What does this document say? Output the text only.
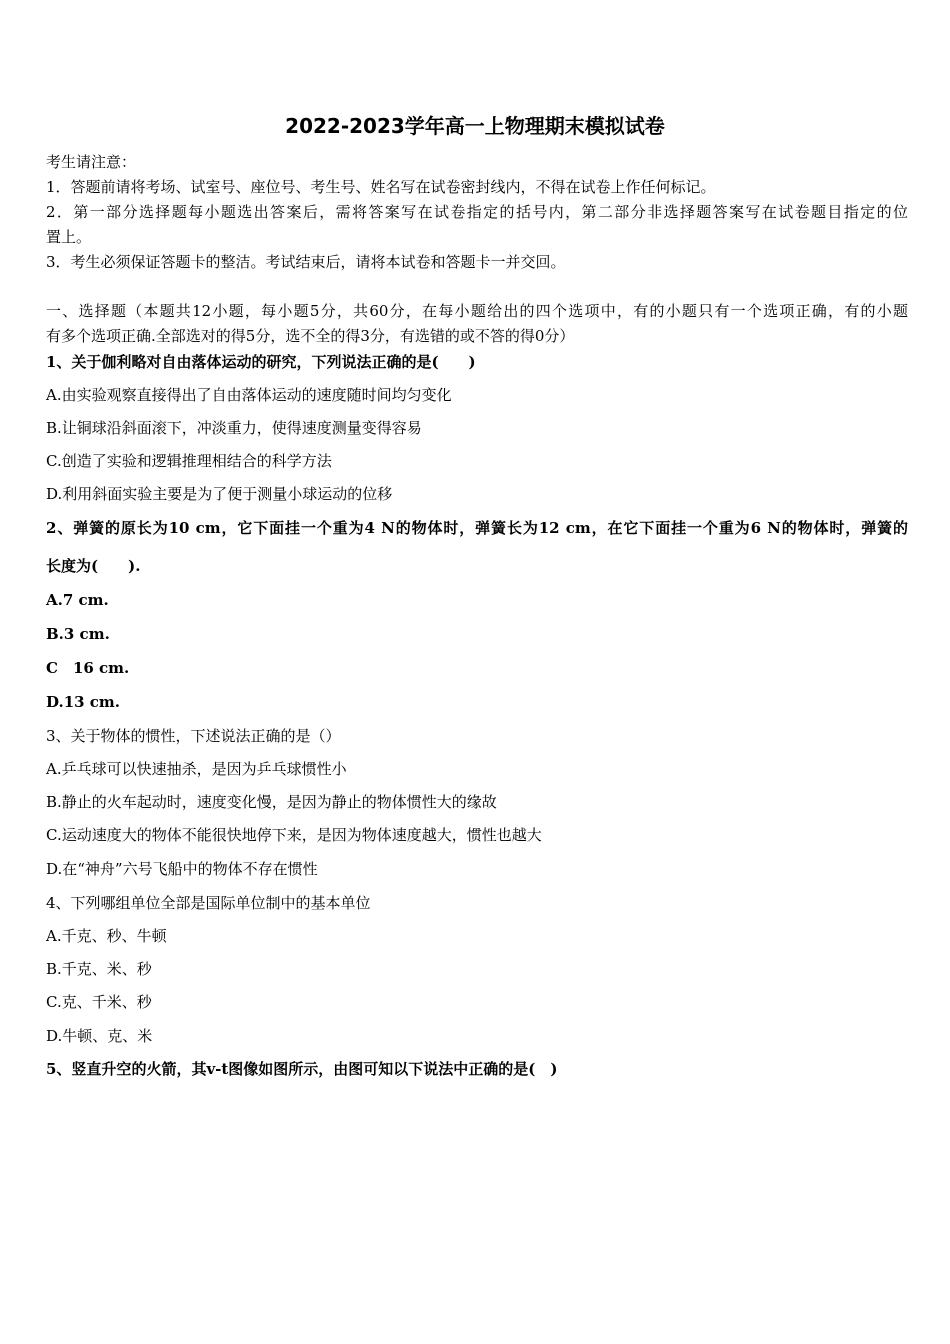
2022-2023学年高一上物理期末模拟试卷
考生请注意：
1．答题前请将考场、试室号、座位号、考生号、姓名写在试卷密封线内，不得在试卷上作任何标记。
2．第一部分选择题每小题选出答案后，需将答案写在试卷指定的括号内，第二部分非选择题答案写在试卷题目指定的位
置上。
3．考生必须保证答题卡的整洁。考试结束后，请将本试卷和答题卡一并交回。
一、选择题（本题共12小题，每小题5分，共60分，在每小题给出的四个选项中，有的小题只有一个选项正确，有的小题
有多个选项正确.全部选对的得5分，选不全的得3分，有选错的或不答的得0分）
1、关于伽利略对自由落体运动的研究，下列说法正确的是(　　)
A.由实验观察直接得出了自由落体运动的速度随时间均匀变化
B.让铜球沿斜面滚下，冲淡重力，使得速度测量变得容易
C.创造了实验和逻辑推理相结合的科学方法
D.利用斜面实验主要是为了便于测量小球运动的位移
2、弹簧的原长为10 cm，它下面挂一个重为4 N的物体时，弹簧长为12 cm，在它下面挂一个重为6 N的物体时，弹簧的
长度为(　　).
A.7 cm.
B.3 cm.
C　16 cm.
D.13 cm.
3、关于物体的惯性，下述说法正确的是（）
A.乒乓球可以快速抽杀，是因为乒乓球惯性小
B.静止的火车起动时，速度变化慢，是因为静止的物体惯性大的缘故
C.运动速度大的物体不能很快地停下来，是因为物体速度越大，惯性也越大
D.在“神舟”六号飞船中的物体不存在惯性
4、下列哪组单位全部是国际单位制中的基本单位
A.千克、秒、牛顿
B.千克、米、秒
C.克、千米、秒
D.牛顿、克、米
5、竖直升空的火箭，其v-t图像如图所示，由图可知以下说法中正确的是(　)
